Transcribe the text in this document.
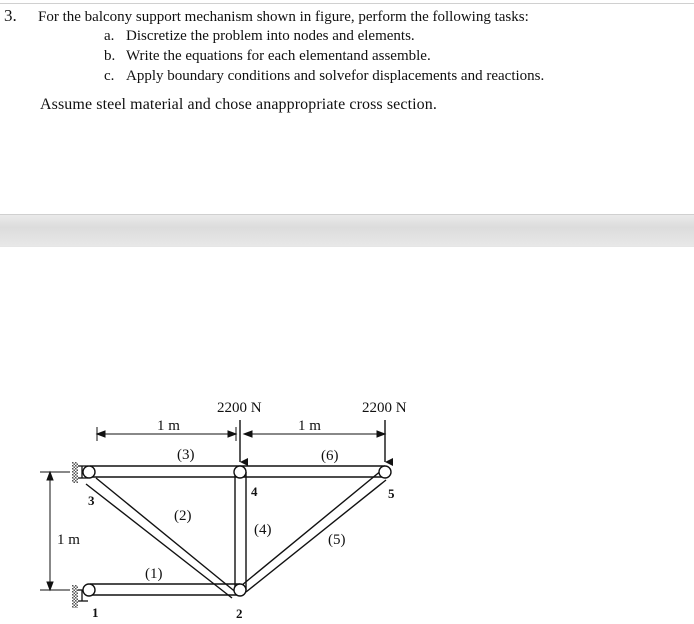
3. For the balcony support mechanism shown in figure, perform the following tasks:
a. Discretize the problem into nodes and elements.
b. Write the equations for each elementand assemble.
c. Apply boundary conditions and solvefor displacements and reactions.
Assume steel material and chose anappropriate cross section.
2200 N	2200 N
1 m	1 m
1 m
1	2
3
4	5
(1)
(2)
(3)
(4)
(5)
(6)
